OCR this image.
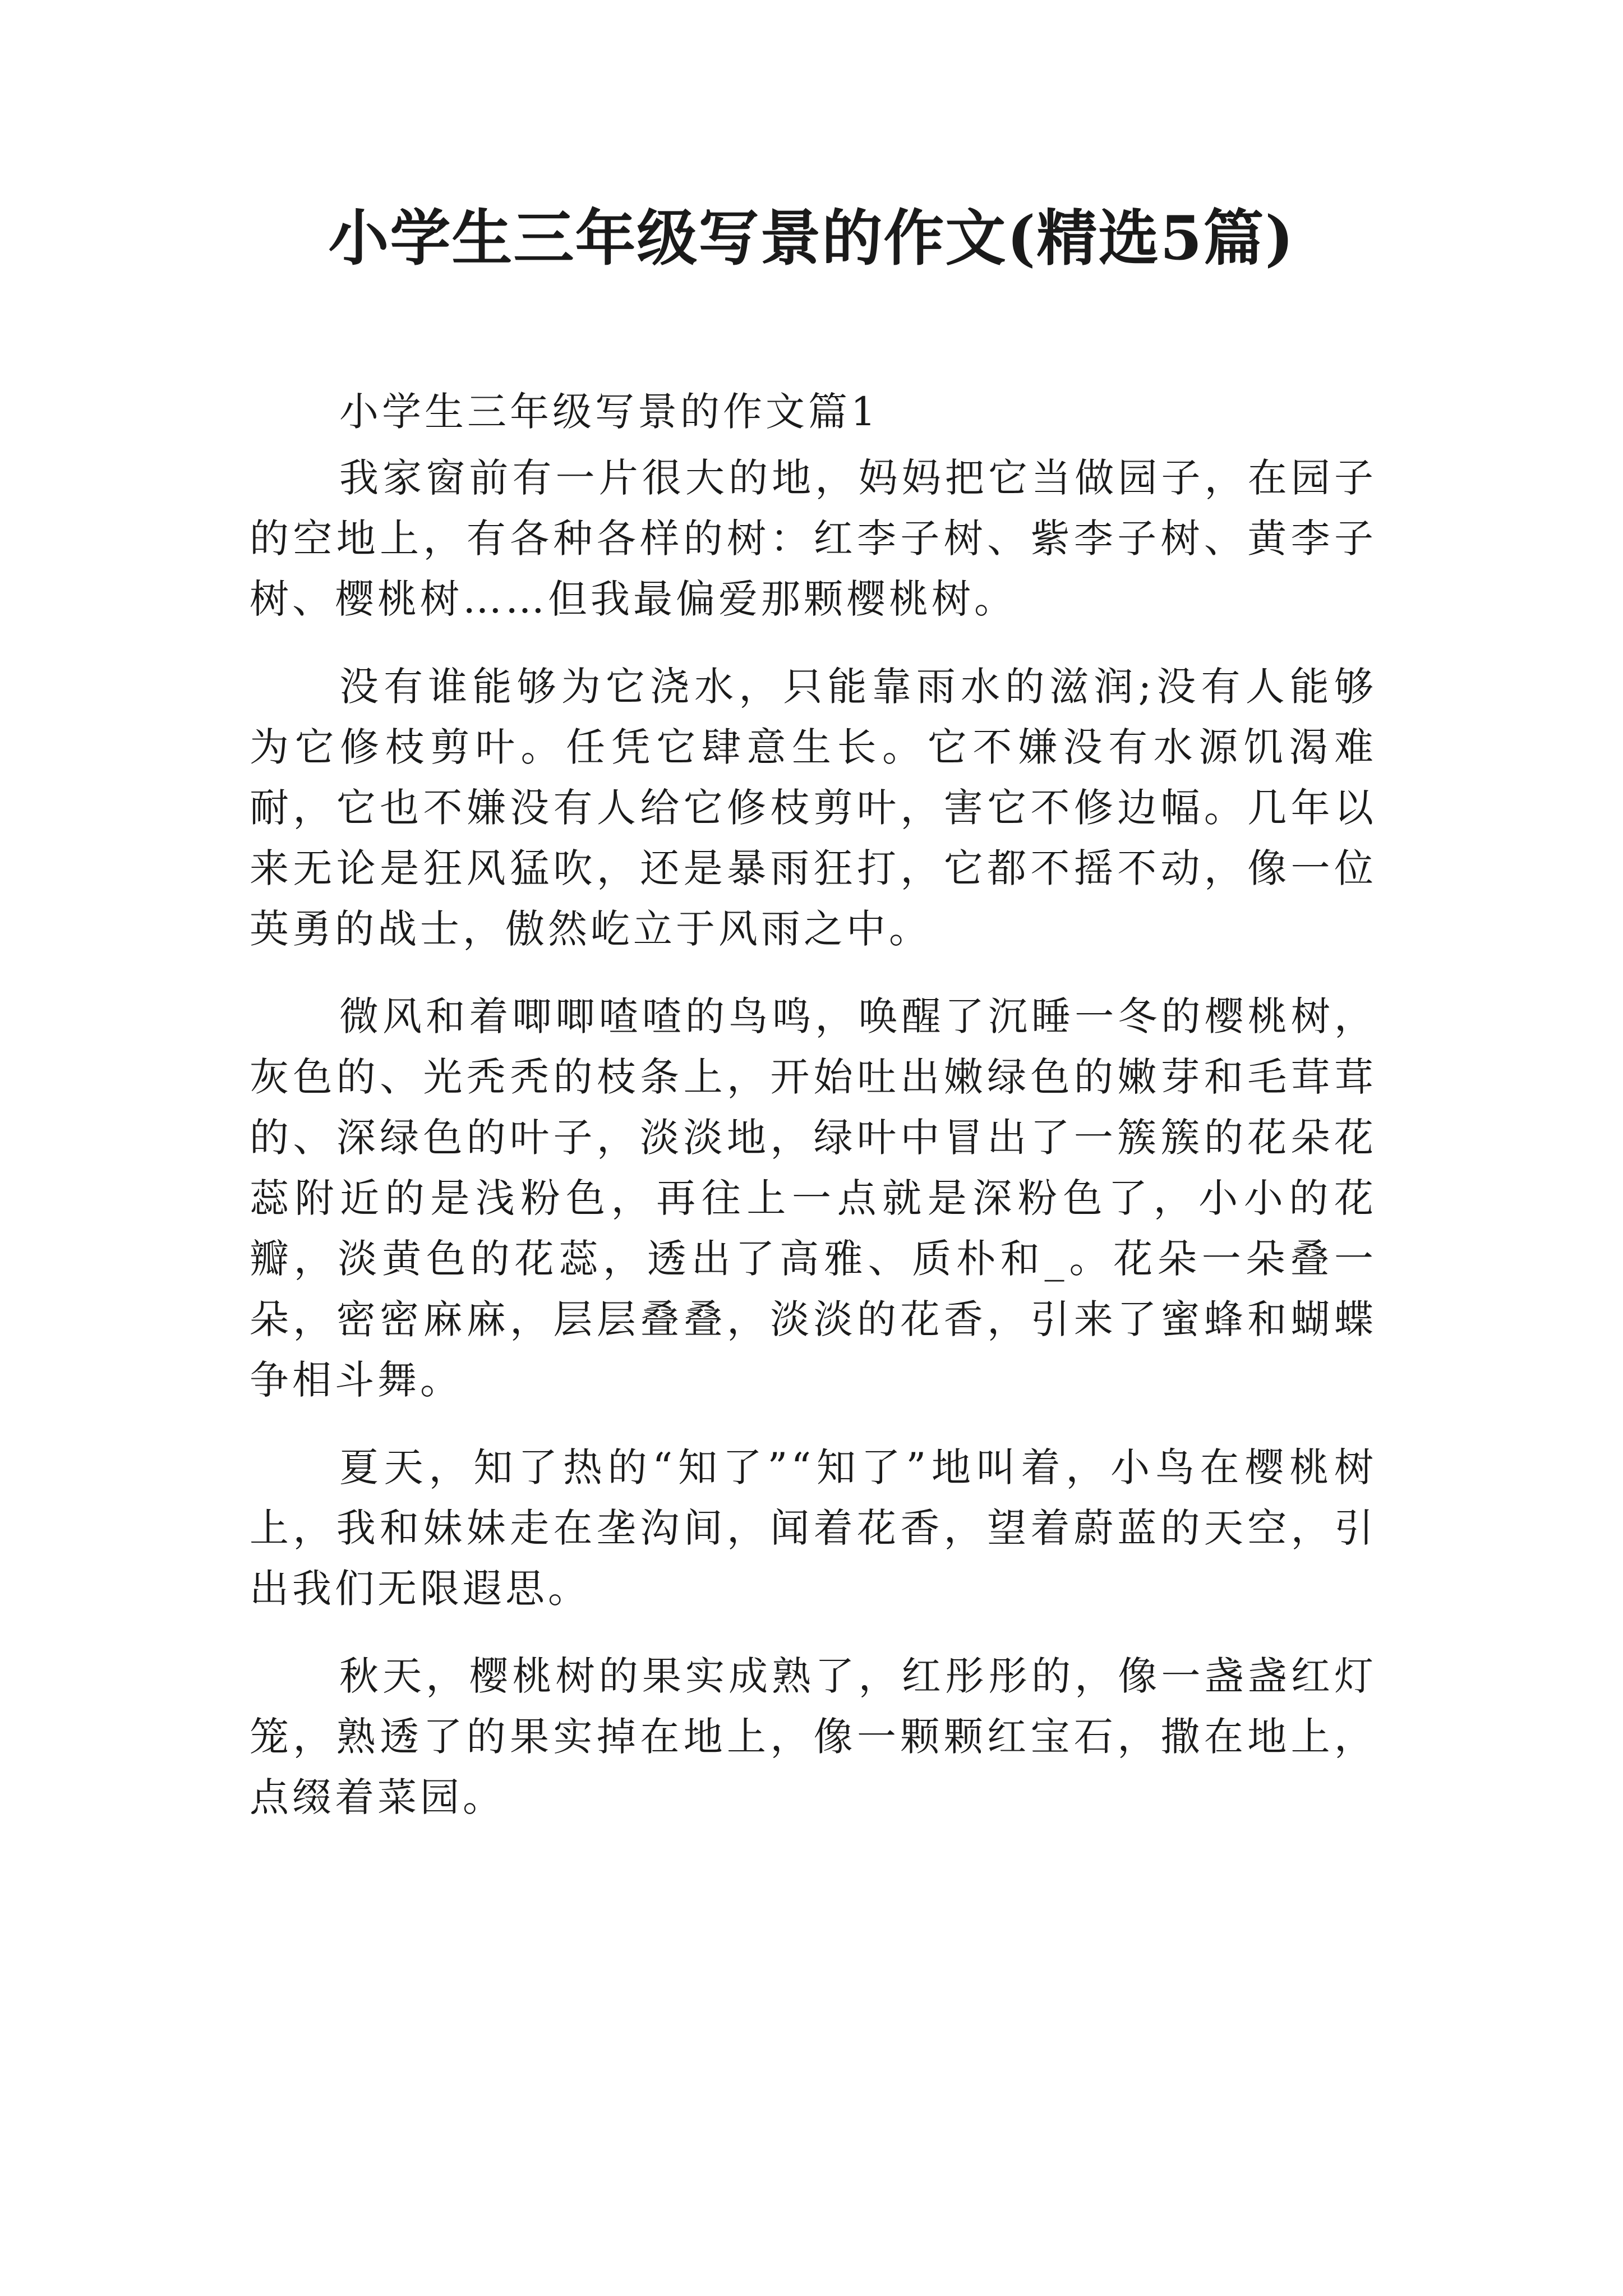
小学生三年级写景的作文(精选5篇)

小学生三年级写景的作文篇1

我家窗前有一片很大的地，妈妈把它当做园子，在园子的空地上，有各种各样的树：红李子树、紫李子树、黄李子树、樱桃树……但我最偏爱那颗樱桃树。

没有谁能够为它浇水，只能靠雨水的滋润;没有人能够为它修枝剪叶。任凭它肆意生长。它不嫌没有水源饥渴难耐，它也不嫌没有人给它修枝剪叶，害它不修边幅。几年以来无论是狂风猛吹，还是暴雨狂打，它都不摇不动，像一位英勇的战士，傲然屹立于风雨之中。

微风和着唧唧喳喳的鸟鸣，唤醒了沉睡一冬的樱桃树，灰色的、光秃秃的枝条上，开始吐出嫩绿色的嫩芽和毛茸茸的、深绿色的叶子，淡淡地，绿叶中冒出了一簇簇的花朵花蕊附近的是浅粉色，再往上一点就是深粉色了，小小的花瓣，淡黄色的花蕊，透出了高雅、质朴和_。花朵一朵叠一朵，密密麻麻，层层叠叠，淡淡的花香，引来了蜜蜂和蝴蝶争相斗舞。

夏天，知了热的“知了”“知了”地叫着，小鸟在樱桃树上，我和妹妹走在垄沟间，闻着花香，望着蔚蓝的天空，引出我们无限遐思。

秋天，樱桃树的果实成熟了，红彤彤的，像一盏盏红灯笼，熟透了的果实掉在地上，像一颗颗红宝石，撒在地上，点缀着菜园。
